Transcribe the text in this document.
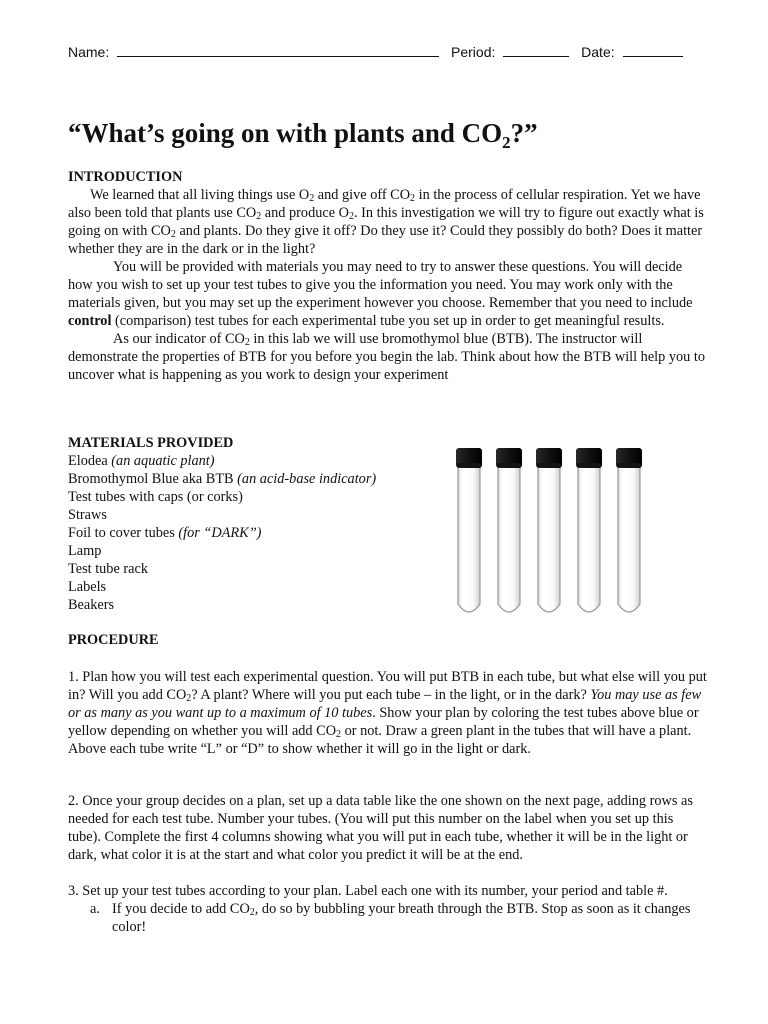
Name:	Period:	Date:
“What’s going on with plants and $CO_2$?”
INTRODUCTION

We learned that all living things use $O_2$ and give off $CO_2$ in the process of cellular respiration. Yet we have also been told that plants use $CO_2$ and produce $O_2$. In this investigation we will try to figure out exactly what is going on with $CO_2$ and plants. Do they give it off? Do they use it? Could they possibly do both? Does it matter whether they are in the dark or in the light?

You will be provided with materials you may need to try to answer these questions. You will decide how you wish to set up your test tubes to give you the information you need. You may work only with the materials given, but you may set up the experiment however you choose. Remember that you need to include control (comparison) test tubes for each experimental tube you set up in order to get meaningful results.

As our indicator of $CO_2$ in this lab we will use bromothymol blue (BTB). The instructor will demonstrate the properties of BTB for you before you begin the lab. Think about how the BTB will help you to uncover what is happening as you work to design your experiment

MATERIALS PROVIDED
Elodea (an aquatic plant)
Bromothymol Blue aka BTB (an acid-base indicator)
Test tubes with caps (or corks)
Straws
Foil to cover tubes (for “DARK”)
Lamp
Test tube rack
Labels
Beakers
PROCEDURE

1. Plan how you will test each experimental question. You will put BTB in each tube, but what else will you put in? Will you add $CO_2$? A plant? Where will you put each tube – in the light, or in the dark? You may use as few or as many as you want up to a maximum of 10 tubes. Show your plan by coloring the test tubes above blue or yellow depending on whether you will add $CO_2$ or not. Draw a green plant in the tubes that will have a plant. Above each tube write “L” or “D” to show whether it will go in the light or dark.

2. Once your group decides on a plan, set up a data table like the one shown on the next page, adding rows as needed for each test tube. Number your tubes. (You will put this number on the label when you set up this tube). Complete the first 4 columns showing what you will put in each tube, whether it will be in the light or dark, what color it is at the start and what color you predict it will be at the end.

3. Set up your test tubes according to your plan. Label each one with its number, your period and table #.

a. If you decide to add $CO_2$, do so by bubbling your breath through the BTB. Stop as soon as it changes color!
